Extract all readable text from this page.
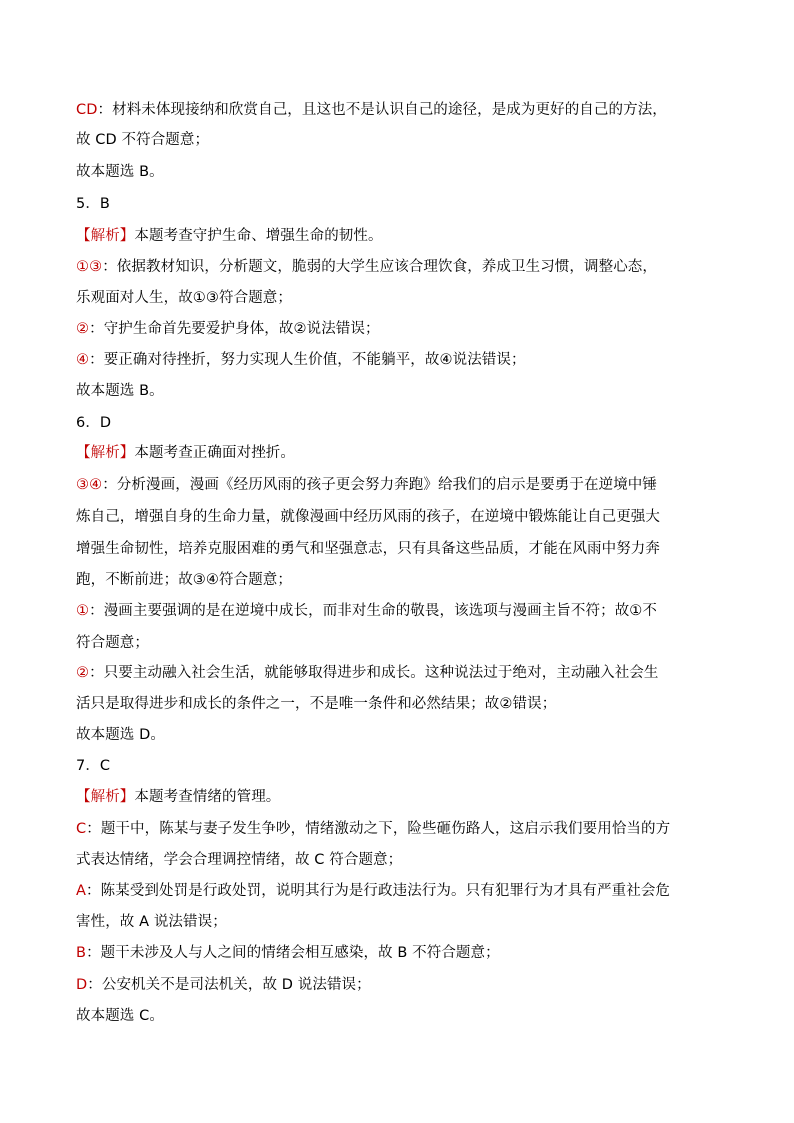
CD：材料未体现接纳和欣赏自己，且这也不是认识自己的途径，是成为更好的自己的方法，
故 CD 不符合题意；
故本题选 B。
5．B
【解析】本题考查守护生命、增强生命的韧性。
①③：依据教材知识，分析题文，脆弱的大学生应该合理饮食，养成卫生习惯，调整心态，
乐观面对人生，故①③符合题意；
②：守护生命首先要爱护身体，故②说法错误；
④：要正确对待挫折，努力实现人生价值，不能躺平，故④说法错误；
故本题选 B。
6．D
【解析】本题考查正确面对挫折。
③④：分析漫画，漫画《经历风雨的孩子更会努力奔跑》给我们的启示是要勇于在逆境中锤
炼自己，增强自身的生命力量，就像漫画中经历风雨的孩子，在逆境中锻炼能让自己更强大
增强生命韧性，培养克服困难的勇气和坚强意志，只有具备这些品质，才能在风雨中努力奔
跑，不断前进；故③④符合题意；
①：漫画主要强调的是在逆境中成长，而非对生命的敬畏，该选项与漫画主旨不符；故①不
符合题意；
②：只要主动融入社会生活，就能够取得进步和成长。这种说法过于绝对，主动融入社会生
活只是取得进步和成长的条件之一，不是唯一条件和必然结果；故②错误；
故本题选 D。
7．C
【解析】本题考查情绪的管理。
C：题干中，陈某与妻子发生争吵，情绪激动之下，险些砸伤路人，这启示我们要用恰当的方
式表达情绪，学会合理调控情绪，故 C 符合题意；
A：陈某受到处罚是行政处罚，说明其行为是行政违法行为。只有犯罪行为才具有严重社会危
害性，故 A 说法错误；
B：题干未涉及人与人之间的情绪会相互感染，故 B 不符合题意；
D：公安机关不是司法机关，故 D 说法错误；
故本题选 C。
